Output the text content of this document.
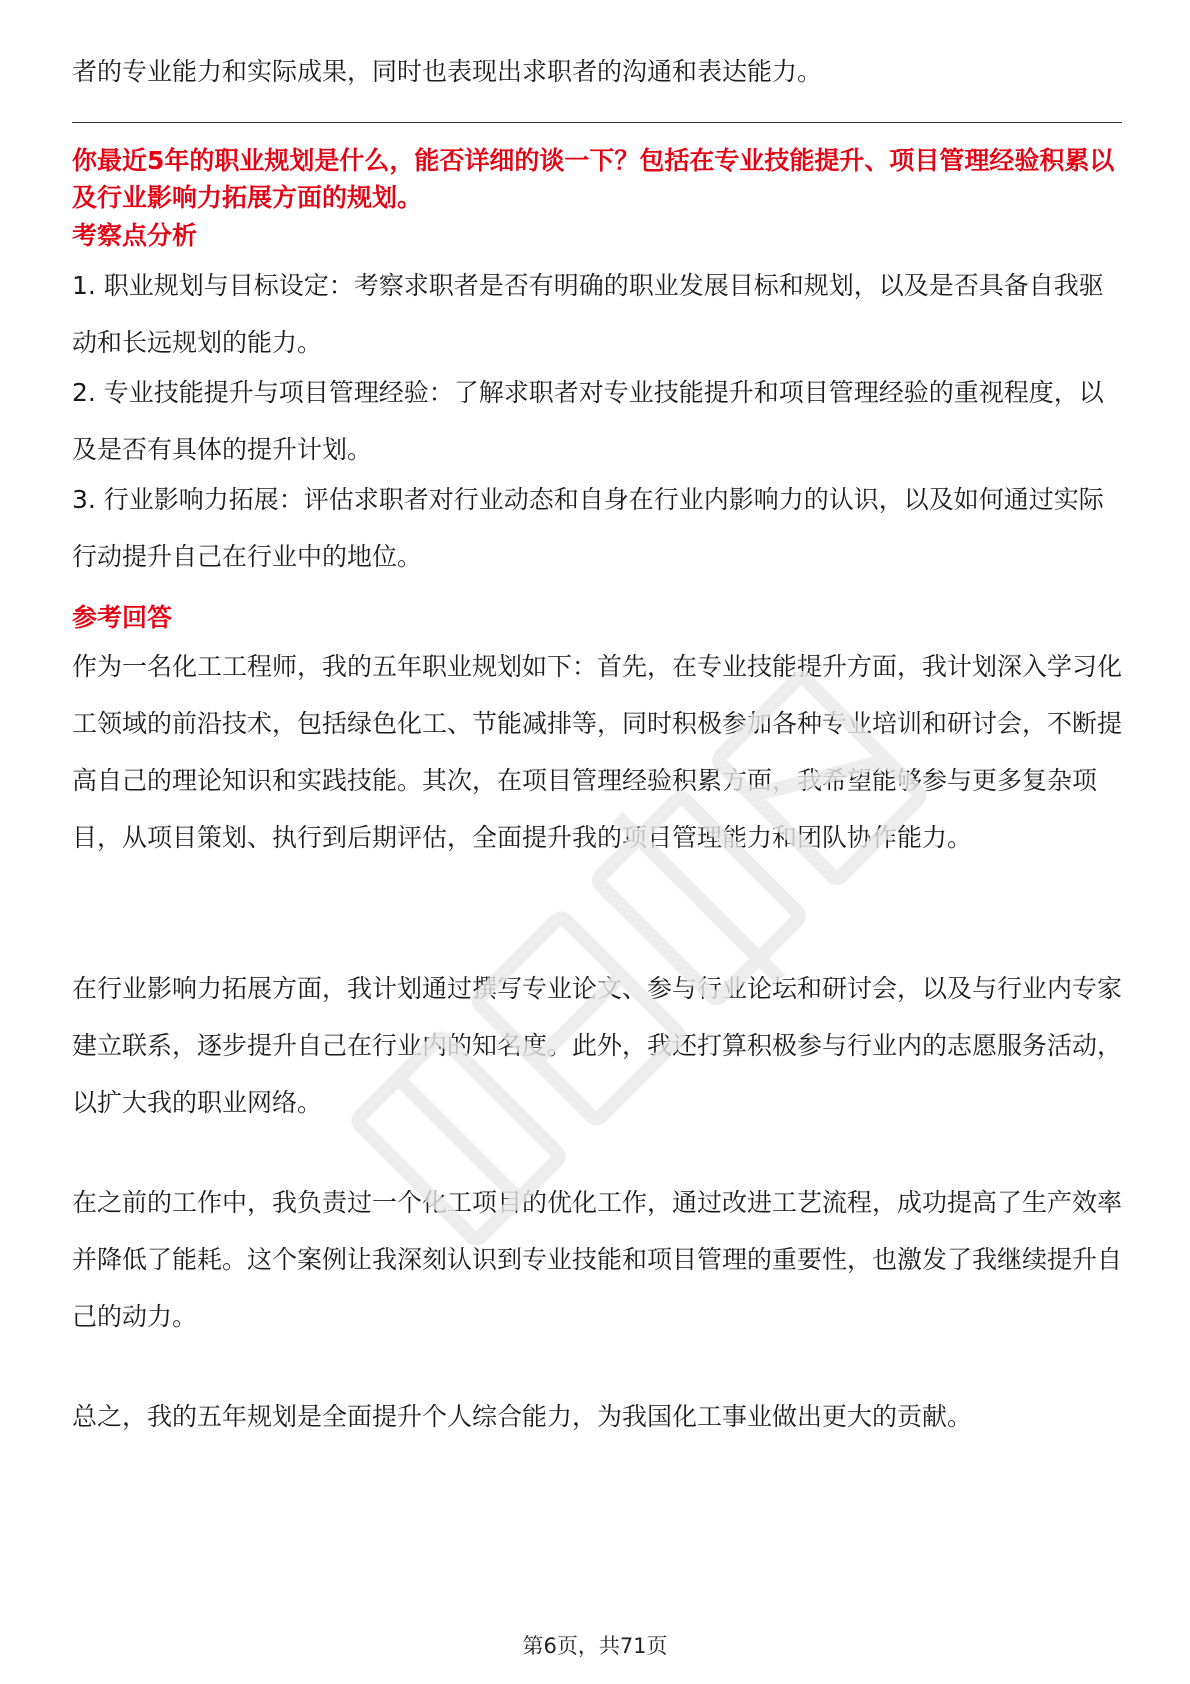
者的专业能力和实际成果，同时也表现出求职者的沟通和表达能力。

你最近5年的职业规划是什么，能否详细的谈一下？包括在专业技能提升、项目管理经验积累以及行业影响力拓展方面的规划。

考察点分析

1. 职业规划与目标设定：考察求职者是否有明确的职业发展目标和规划，以及是否具备自我驱动和长远规划的能力。

2. 专业技能提升与项目管理经验：了解求职者对专业技能提升和项目管理经验的重视程度，以及是否有具体的提升计划。

3. 行业影响力拓展：评估求职者对行业动态和自身在行业内影响力的认识，以及如何通过实际行动提升自己在行业中的地位。

参考回答

作为一名化工工程师，我的五年职业规划如下：首先，在专业技能提升方面，我计划深入学习化工领域的前沿技术，包括绿色化工、节能减排等，同时积极参加各种专业培训和研讨会，不断提高自己的理论知识和实践技能。其次，在项目管理经验积累方面，我希望能够参与更多复杂项目，从项目策划、执行到后期评估，全面提升我的项目管理能力和团队协作能力。

在行业影响力拓展方面，我计划通过撰写专业论文、参与行业论坛和研讨会，以及与行业内专家建立联系，逐步提升自己在行业内的知名度。此外，我还打算积极参与行业内的志愿服务活动，以扩大我的职业网络。

在之前的工作中，我负责过一个化工项目的优化工作，通过改进工艺流程，成功提高了生产效率并降低了能耗。这个案例让我深刻认识到专业技能和项目管理的重要性，也激发了我继续提升自己的动力。

总之，我的五年规划是全面提升个人综合能力，为我国化工事业做出更大的贡献。

第6页，共71页
